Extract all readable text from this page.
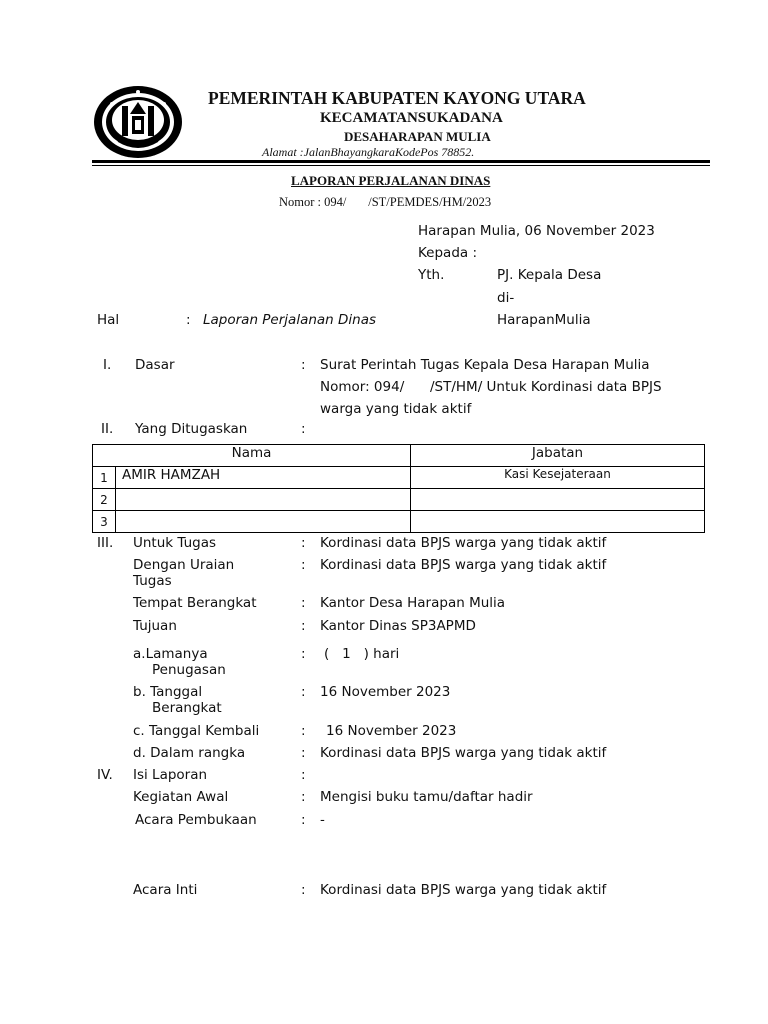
PEMERINTAH KABUPATEN KAYONG UTARA
KECAMATANSUKADANA
DESAHARAPAN MULIA
Alamat :JalanBhayangkaraKodePos 78852.
LAPORAN PERJALANAN DINAS
Nomor : 094/       /ST/PEMDES/HM/2023
Harapan Mulia, 06 November 2023
Kepada :
Yth.	PJ. Kepala Desa
di-
HarapanMulia
Hal	: Laporan Perjalanan Dinas
I. Dasar	: Surat Perintah Tugas Kepala Desa Harapan Mulia
Nomor: 094/      /ST/HM/ Untuk Kordinasi data BPJS
warga yang tidak aktif
II. Yang Ditugaskan	:
Nama		Jabatan
1	AMIR HAMZAH	Kasi Kesejateraan
2		
3		
III. Untuk Tugas	: Kordinasi data BPJS warga yang tidak aktif
Dengan Uraian
Tugas
: Kordinasi data BPJS warga yang tidak aktif
Tempat Berangkat	: Kantor Desa Harapan Mulia
Tujuan	: Kantor Dinas SP3APMD
a.Lamanya
Penugasan
: (   1   ) hari
b. Tanggal
Berangkat
: 16 November 2023
c. Tanggal Kembali	: 16 November 2023
d. Dalam rangka	: Kordinasi data BPJS warga yang tidak aktif
IV. Isi Laporan	:
Kegiatan Awal	: Mengisi buku tamu/daftar hadir
Acara Pembukaan	: -
Acara Inti	: Kordinasi data BPJS warga yang tidak aktif
